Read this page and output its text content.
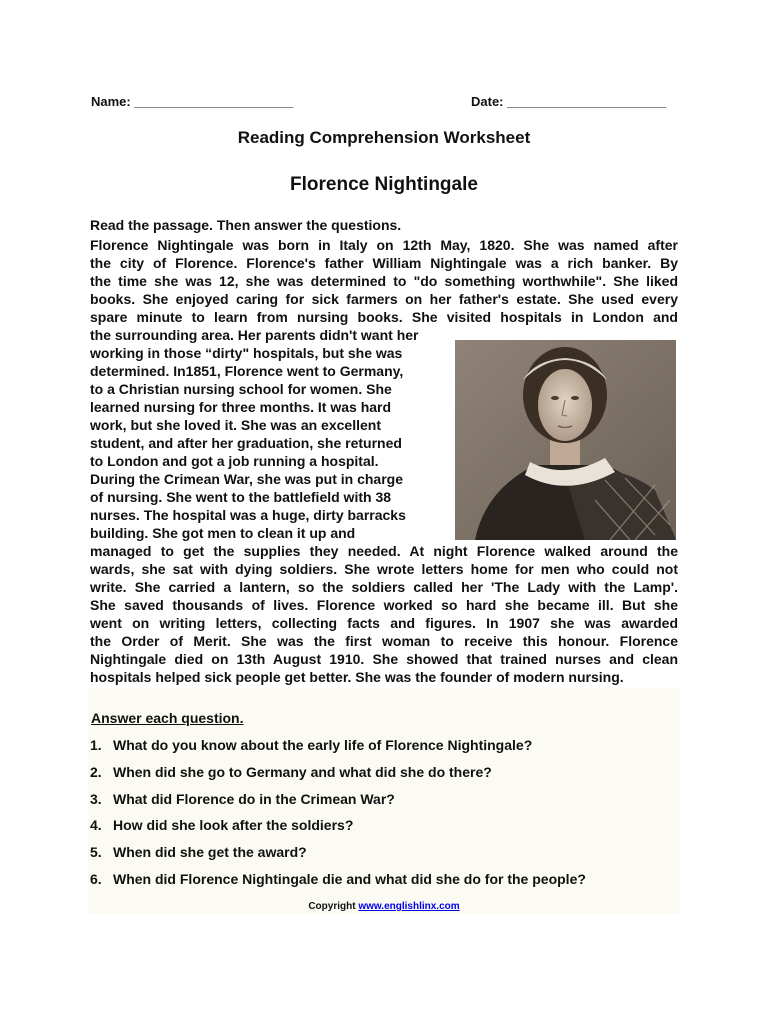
Name: ______________________	Date: ______________________
Reading Comprehension Worksheet
Florence Nightingale
Read the passage. Then answer the questions.
Florence Nightingale was born in Italy on 12th May, 1820. She was named after
the city of Florence. Florence's father William Nightingale was a rich banker. By
the time she was 12, she was determined to "do something worthwhile". She liked
books. She enjoyed caring for sick farmers on her father's estate. She used every
spare minute to learn from nursing books. She visited hospitals in London and
the surrounding area. Her parents didn't want her
working in those “dirty" hospitals, but she was
determined. In1851, Florence went to Germany,
to a Christian nursing school for women. She
learned nursing for three months. It was hard
work, but she loved it. She was an excellent
student, and after her graduation, she returned
to London and got a job running a hospital.
During the Crimean War, she was put in charge
of nursing. She went to the battlefield with 38
nurses. The hospital was a huge, dirty barracks
building. She got men to clean it up and
managed to get the supplies they needed. At night Florence walked around the
wards, she sat with dying soldiers. She wrote letters home for men who could not
write. She carried a lantern, so the soldiers called her 'The Lady with the Lamp'.
She saved thousands of lives. Florence worked so hard she became ill. But she
went on writing letters, collecting facts and figures. In 1907 she was awarded
the Order of Merit. She was the first woman to receive this honour. Florence
Nightingale died on 13th August 1910. She showed that trained nurses and clean
hospitals helped sick people get better. She was the founder of modern nursing.
Answer each question.
1. What do you know about the early life of Florence Nightingale?
2. When did she go to Germany and what did she do there?
3. What did Florence do in the Crimean War?
4. How did she look after the soldiers?
5. When did she get the award?
6. When did Florence Nightingale die and what did she do for the people?
Copyright www.englishlinx.com
